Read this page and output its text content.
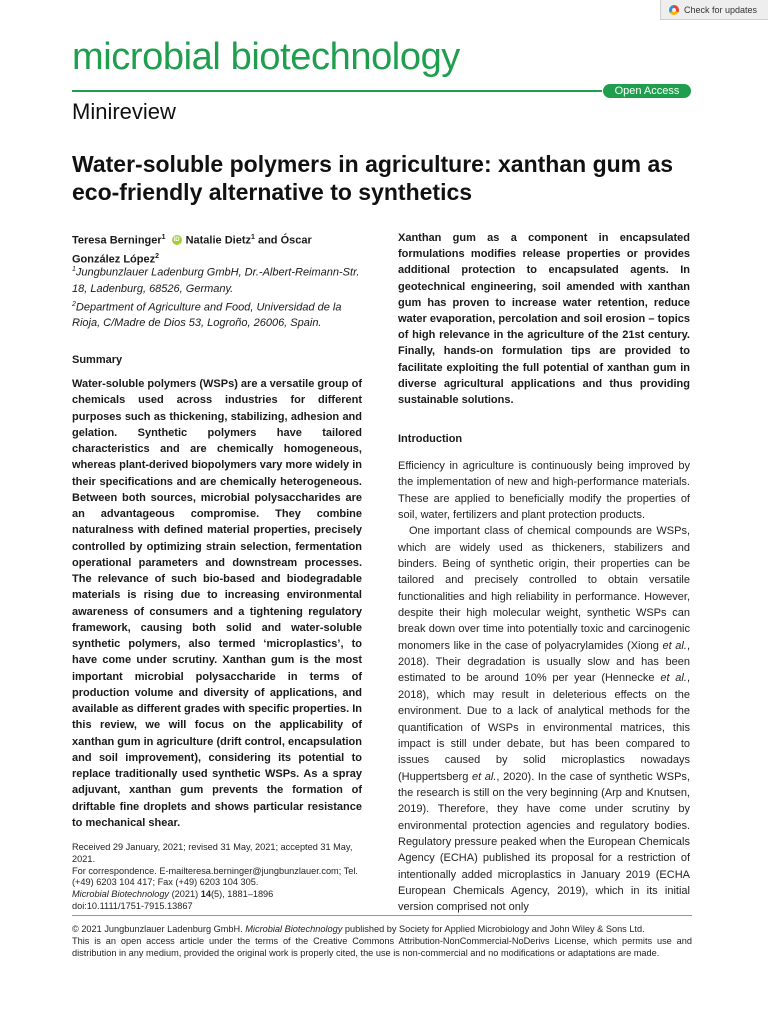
Check for updates
microbial biotechnology
Open Access
Minireview
Water-soluble polymers in agriculture: xanthan gum as eco-friendly alternative to synthetics
Teresa Berninger$^1$ iD Natalie Dietz$^1$ and Óscar González López$^2$

$^1$Jungbunzlauer Ladenburg GmbH, Dr.-Albert-Reimann-Str. 18, Ladenburg, 68526, Germany.

$^2$Department of Agriculture and Food, Universidad de la Rioja, C/Madre de Dios 53, Logroño, 26006, Spain.

Summary

Water-soluble polymers (WSPs) are a versatile group of chemicals used across industries for different purposes such as thickening, stabilizing, adhesion and gelation. Synthetic polymers have tailored characteristics and are chemically homogeneous, whereas plant-derived biopolymers vary more widely in their specifications and are chemically heterogeneous. Between both sources, microbial polysaccharides are an advantageous compromise. They combine naturalness with defined material properties, precisely controlled by optimizing strain selection, fermentation operational parameters and downstream processes. The relevance of such bio-based and biodegradable materials is rising due to increasing environmental awareness of consumers and a tightening regulatory framework, causing both solid and water-soluble synthetic polymers, also termed ‘microplastics’, to have come under scrutiny. Xanthan gum is the most important microbial polysaccharide in terms of production volume and diversity of applications, and available as different grades with specific properties. In this review, we will focus on the applicability of xanthan gum in agriculture (drift control, encapsulation and soil improvement), considering its potential to replace traditionally used synthetic WSPs. As a spray adjuvant, xanthan gum prevents the formation of driftable fine droplets and shows particular resistance to mechanical shear.

Received 29 January, 2021; revised 31 May, 2021; accepted 31 May, 2021.
For correspondence. E-mailteresa.berninger@jungbunzlauer.com; Tel. (+49) 6203 104 417; Fax (+49) 6203 104 305.
Microbial Biotechnology (2021) 14(5), 1881–1896
doi:10.1111/1751-7915.13867

Xanthan gum as a component in encapsulated formulations modifies release properties or provides additional protection to encapsulated agents. In geotechnical engineering, soil amended with xanthan gum has proven to increase water retention, reduce water evaporation, percolation and soil erosion – topics of high relevance in the agriculture of the 21st century. Finally, hands-on formulation tips are provided to facilitate exploiting the full potential of xanthan gum in diverse agricultural applications and thus providing sustainable solutions.

Introduction

Efficiency in agriculture is continuously being improved by the implementation of new and high-performance materials. These are applied to beneficially modify the properties of soil, water, fertilizers and plant protection products.

One important class of chemical compounds are WSPs, which are widely used as thickeners, stabilizers and binders. Being of synthetic origin, their properties can be tailored and precisely controlled to obtain versatile functionalities and high reliability in performance. However, despite their high molecular weight, synthetic WSPs can break down over time into potentially toxic and carcinogenic monomers like in the case of polyacrylamides (Xiong et al., 2018). Their degradation is usually slow and has been estimated to be around 10% per year (Hennecke et al., 2018), which may result in deleterious effects on the environment. Due to a lack of analytical methods for the quantification of WSPs in environmental matrices, this impact is still under debate, but has been compared to issues caused by solid microplastics nowadays (Huppertsberg et al., 2020). In the case of synthetic WSPs, the research is still on the very beginning (Arp and Knutsen, 2019). Therefore, they have come under scrutiny by environmental protection agencies and regulatory bodies. Regulatory pressure peaked when the European Chemicals Agency (ECHA) published its proposal for a restriction of intentionally added microplastics in January 2019 (ECHA European Chemicals Agency, 2019), which in its initial version comprised not only

© 2021 Jungbunzlauer Ladenburg GmbH. Microbial Biotechnology published by Society for Applied Microbiology and John Wiley & Sons Ltd.
This is an open access article under the terms of the Creative Commons Attribution-NonCommercial-NoDerivs License, which permits use and distribution in any medium, provided the original work is properly cited, the use is non-commercial and no modifications or adaptations are made.
